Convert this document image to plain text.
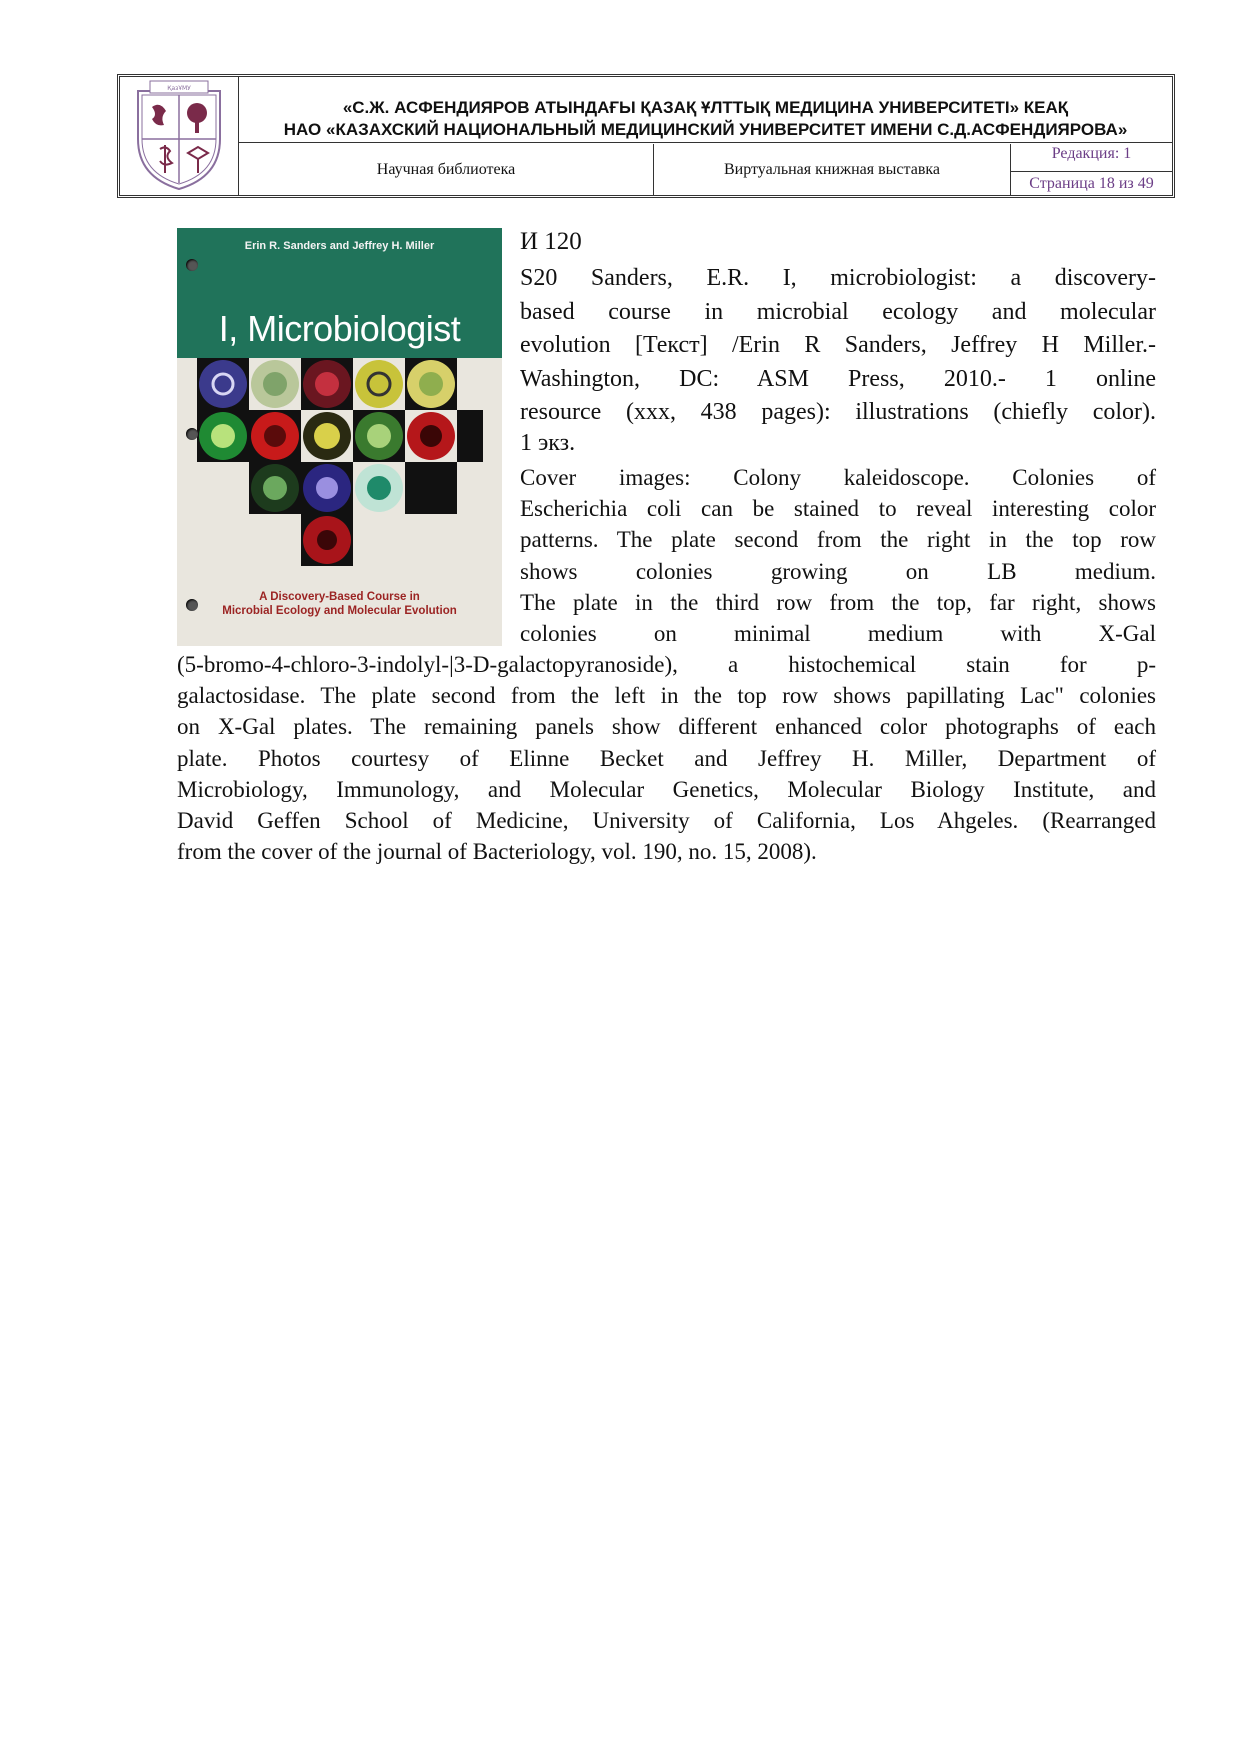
ҚазҰМУ
«С.Ж. АСФЕНДИЯРОВ АТЫНДАҒЫ ҚАЗАҚ ҰЛТТЫҚ МЕДИЦИНА УНИВЕРСИТЕТІ» КЕАҚ
НАО «КАЗАХСКИЙ НАЦИОНАЛЬНЫЙ МЕДИЦИНСКИЙ УНИВЕРСИТЕТ ИМЕНИ С.Д.АСФЕНДИЯРОВА»
Научная библиотека	Виртуальная книжная выставка
Редакция: 1
Страница 18 из 49
Erin R. Sanders and Jeffrey H. Miller
I, Microbiologist
A Discovery-Based Course in
Microbial Ecology and Molecular Evolution
И 120
S20 Sanders, E.R. I, microbiologist: a discovery-
based course in microbial ecology and molecular
evolution [Текст] /Erin R Sanders, Jeffrey H Miller.-
Washington, DC: ASM Press, 2010.- 1 online
resource (xxx, 438 pages): illustrations (chiefly color).
1 экз.
Cover images: Colony kaleidoscope. Colonies of
Escherichia coli can be stained to reveal interesting color
patterns. The plate second from the right in the top row
shows colonies growing on LB medium.
The plate in the third row from the top, far right, shows
colonies on minimal medium with X-Gal
(5-bromo-4-chloro-3-indolyl-|3-D-galactopyranoside), a histochemical stain for p-
galactosidase. The plate second from the left in the top row shows papillating Lac" colonies
on X-Gal plates. The remaining panels show different enhanced color photographs of each
plate. Photos courtesy of Elinne Becket and Jeffrey H. Miller, Department of
Microbiology, Immunology, and Molecular Genetics, Molecular Biology Institute, and
David Geffen School of Medicine, University of California, Los Ahgeles. (Rearranged
from the cover of the journal of Bacteriology, vol. 190, no. 15, 2008).
